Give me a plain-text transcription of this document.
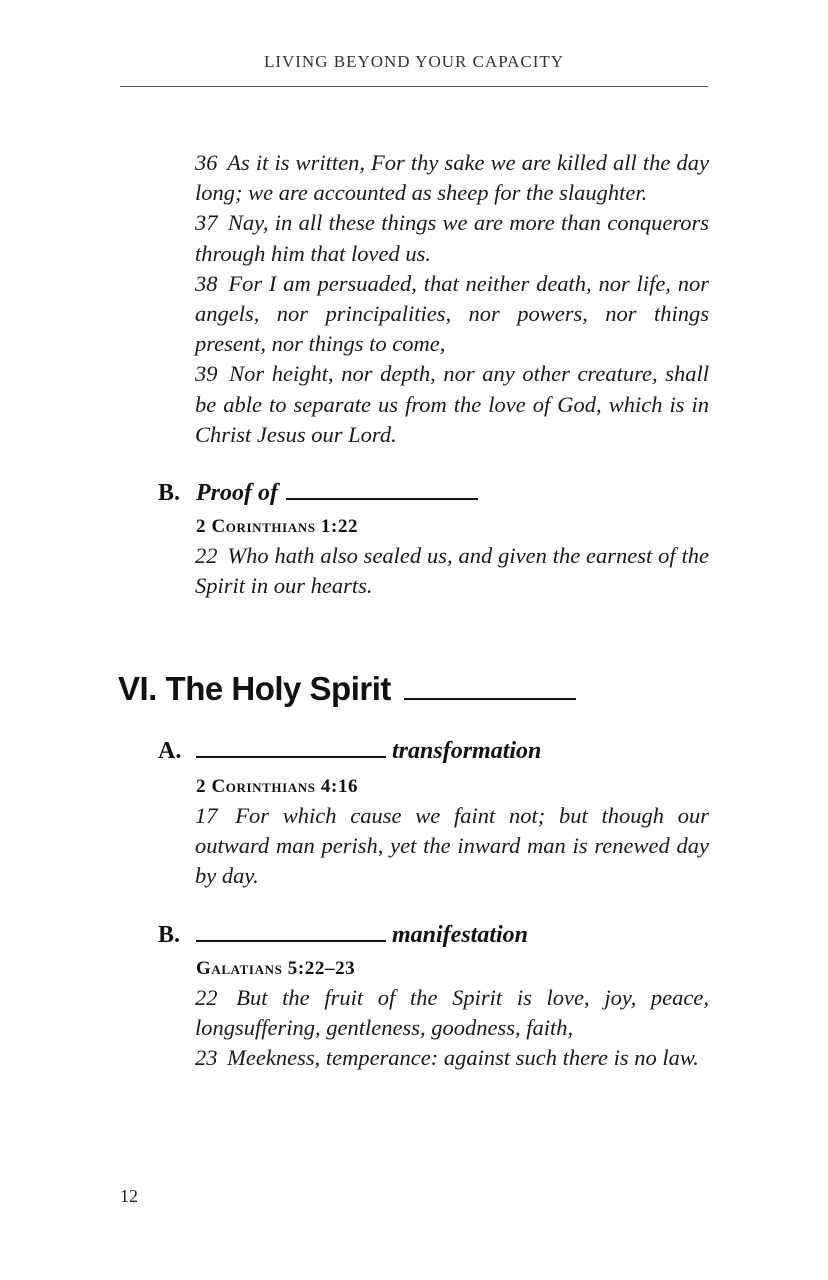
LIVING BEYOND YOUR CAPACITY

36 As it is written, For thy sake we are killed all the day long; we are accounted as sheep for the slaughter.

37 Nay, in all these things we are more than conquerors through him that loved us.

38 For I am persuaded, that neither death, nor life, nor angels, nor principalities, nor powers, nor things present, nor things to come,

39 Nor height, nor depth, nor any other creature, shall be able to separate us from the love of God, which is in Christ Jesus our Lord.

B. Proof of
2 Corinthians 1:22

22 Who hath also sealed us, and given the earnest of the Spirit in our hearts.

VI. The Holy Spirit
A.	transformation
2 Corinthians 4:16

17 For which cause we faint not; but though our outward man perish, yet the inward man is renewed day by day.

B.	manifestation
Galatians 5:22–23

22 But the fruit of the Spirit is love, joy, peace, longsuffering, gentleness, goodness, faith,

23 Meekness, temperance: against such there is no law.

12
